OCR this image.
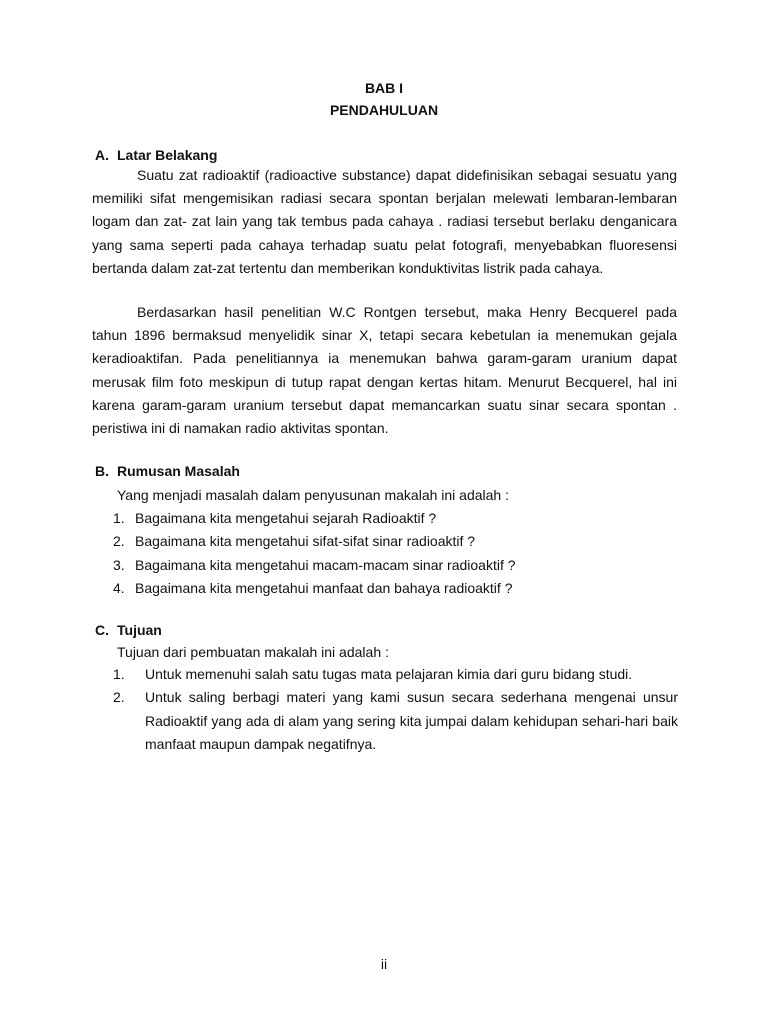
BAB I
PENDAHULUAN
A. Latar Belakang

Suatu zat radioaktif (radioactive substance) dapat didefinisikan sebagai sesuatu yang memiliki sifat mengemisikan radiasi secara spontan berjalan melewati lembaran-lembaran logam dan zat- zat lain yang tak tembus pada cahaya . radiasi tersebut berlaku denganicara yang sama seperti pada cahaya terhadap suatu pelat fotografi, menyebabkan fluoresensi bertanda dalam zat-zat tertentu dan memberikan konduktivitas listrik pada cahaya.

Berdasarkan hasil penelitian W.C Rontgen tersebut, maka Henry Becquerel pada tahun 1896 bermaksud menyelidik sinar X, tetapi secara kebetulan ia menemukan gejala keradioaktifan. Pada penelitiannya ia menemukan bahwa garam-garam uranium dapat merusak film foto meskipun di tutup rapat dengan kertas hitam. Menurut Becquerel, hal ini karena garam-garam uranium tersebut dapat memancarkan suatu sinar secara spontan . peristiwa ini di namakan radio aktivitas spontan.

B. Rumusan Masalah
Yang menjadi masalah dalam penyusunan makalah ini adalah :
1. Bagaimana kita mengetahui sejarah Radioaktif ?
2. Bagaimana kita mengetahui sifat-sifat sinar radioaktif ?
3. Bagaimana kita mengetahui macam-macam sinar radioaktif ?
4. Bagaimana kita mengetahui manfaat dan bahaya radioaktif ?
C. Tujuan
Tujuan dari pembuatan makalah ini adalah :
1. Untuk memenuhi salah satu tugas mata pelajaran kimia dari guru bidang studi.
2. Untuk saling berbagi materi yang kami susun secara sederhana mengenai unsur Radioaktif yang ada di alam yang sering kita jumpai dalam kehidupan sehari-hari baik manfaat maupun dampak negatifnya.
ii
